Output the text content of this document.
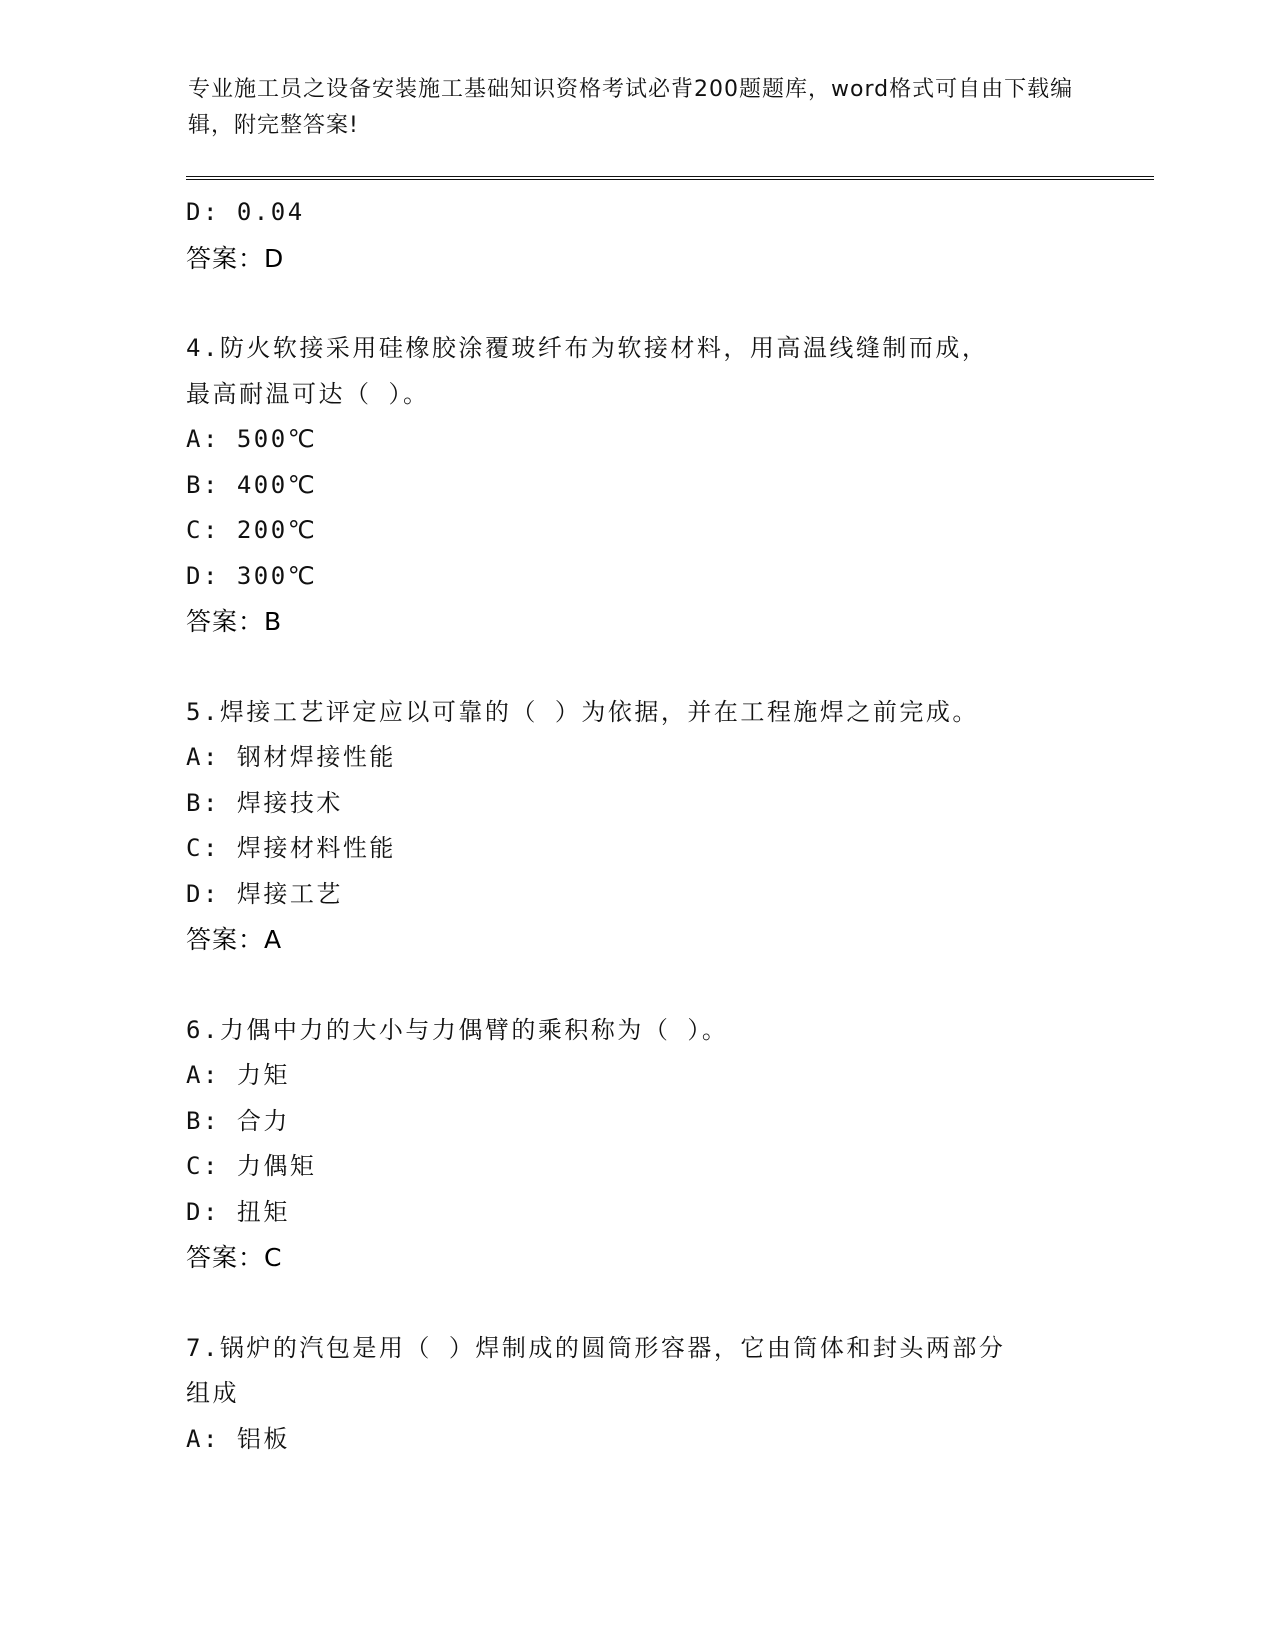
专业施工员之设备安装施工基础知识资格考试必背200题题库，word格式可自由下载编辑，附完整答案!
D: 0.04
答案：D
4.防火软接采用硅橡胶涂覆玻纤布为软接材料，用高温线缝制而成，
最高耐温可达（ ）。
A: 500℃
B: 400℃
C: 200℃
D: 300℃
答案：B
5.焊接工艺评定应以可靠的（ ）为依据，并在工程施焊之前完成。
A: 钢材焊接性能
B: 焊接技术
C: 焊接材料性能
D: 焊接工艺
答案：A
6.力偶中力的大小与力偶臂的乘积称为（ ）。
A: 力矩
B: 合力
C: 力偶矩
D: 扭矩
答案：C
7.锅炉的汽包是用（ ）焊制成的圆筒形容器，它由筒体和封头两部分
组成
A: 铝板
